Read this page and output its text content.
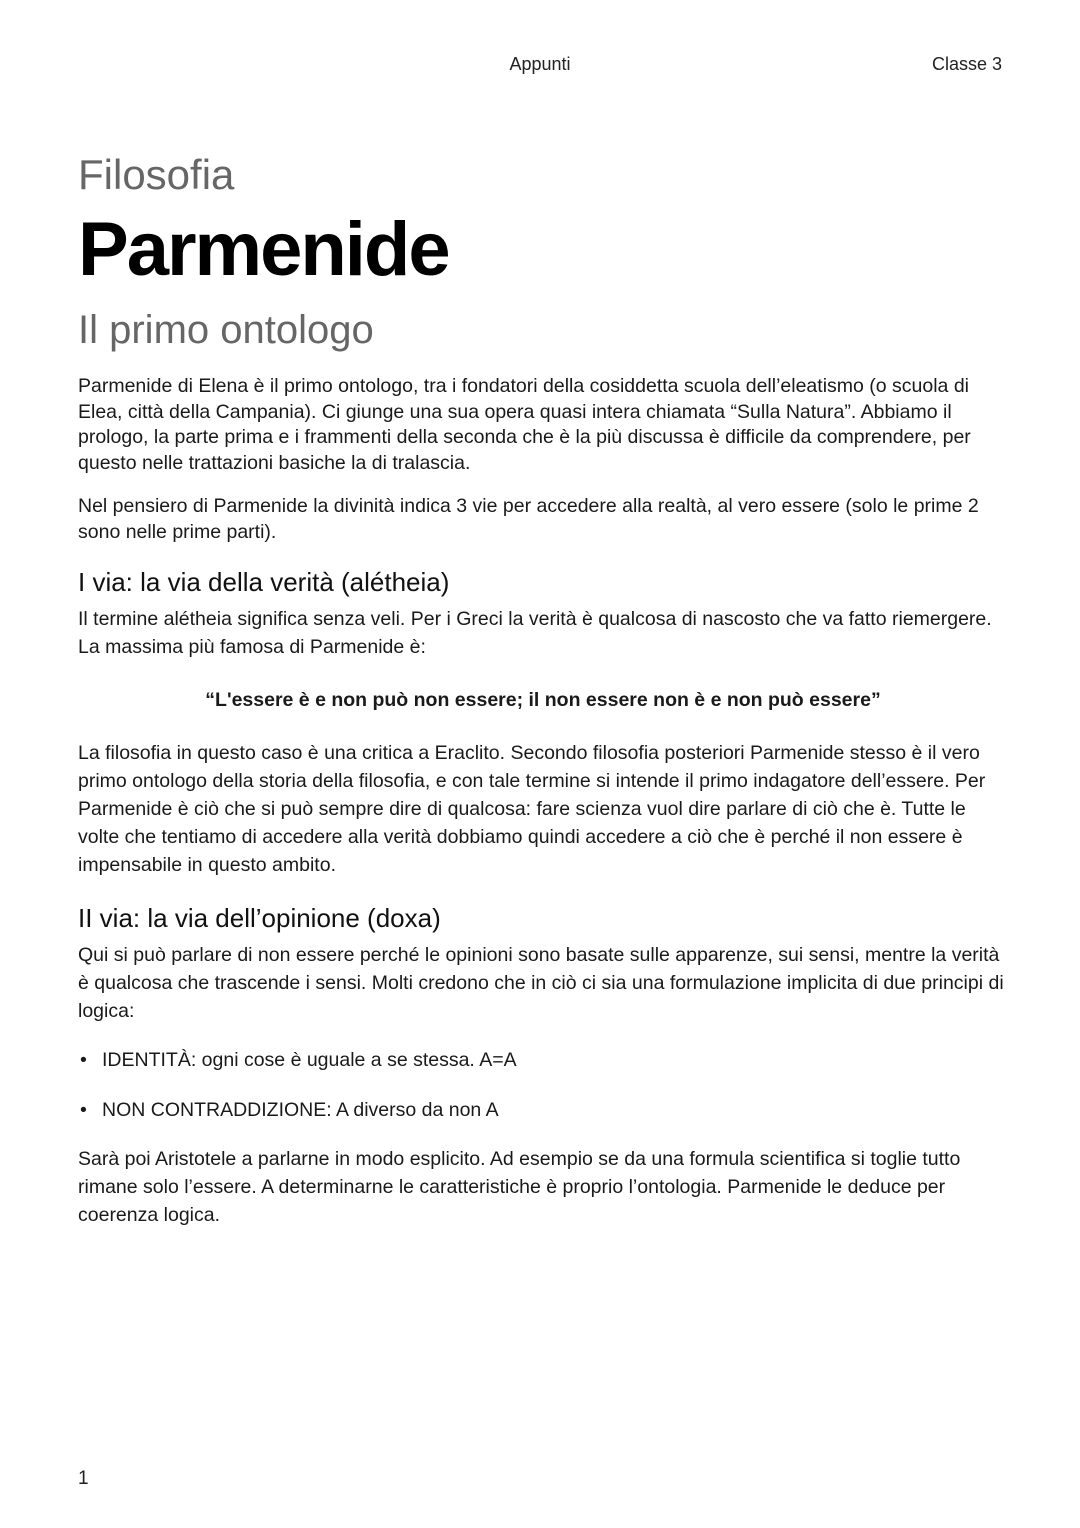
Appunti	Classe 3
Filosofia
Parmenide
Il primo ontologo

Parmenide di Elena è il primo ontologo, tra i fondatori della cosiddetta scuola dell’eleatismo (o scuola di Elea, città della Campania). Ci giunge una sua opera quasi intera chiamata “Sulla Natura”. Abbiamo il prologo, la parte prima e i frammenti della seconda che è la più discussa è difficile da comprendere, per questo nelle trattazioni basiche la di tralascia.

Nel pensiero di Parmenide la divinità indica 3 vie per accedere alla realtà, al vero essere (solo le prime 2 sono nelle prime parti).

I via: la via della verità (alétheia)

Il termine alétheia significa senza veli. Per i Greci la verità è qualcosa di nascosto che va fatto riemergere. La massima più famosa di Parmenide è:

“L'essere è e non può non essere; il non essere non è e non può essere”

La filosofia in questo caso è una critica a Eraclito. Secondo filosofia posteriori Parmenide stesso è il vero primo ontologo della storia della filosofia, e con tale termine si intende il primo indagatore dell’essere. Per Parmenide è ciò che si può sempre dire di qualcosa: fare scienza vuol dire parlare di ciò che è. Tutte le volte che tentiamo di accedere alla verità dobbiamo quindi accedere a ciò che è perché il non essere è impensabile in questo ambito.

II via: la via dell’opinione (doxa)

Qui si può parlare di non essere perché le opinioni sono basate sulle apparenze, sui sensi, mentre la verità è qualcosa che trascende i sensi. Molti credono che in ciò ci sia una formulazione implicita di due principi di logica:

• IDENTITÀ: ogni cose è uguale a se stessa. A=A
• NON CONTRADDIZIONE: A diverso da non A

Sarà poi Aristotele a parlarne in modo esplicito. Ad esempio se da una formula scientifica si toglie tutto rimane solo l’essere. A determinarne le caratteristiche è proprio l’ontologia. Parmenide le deduce per coerenza logica.

1
